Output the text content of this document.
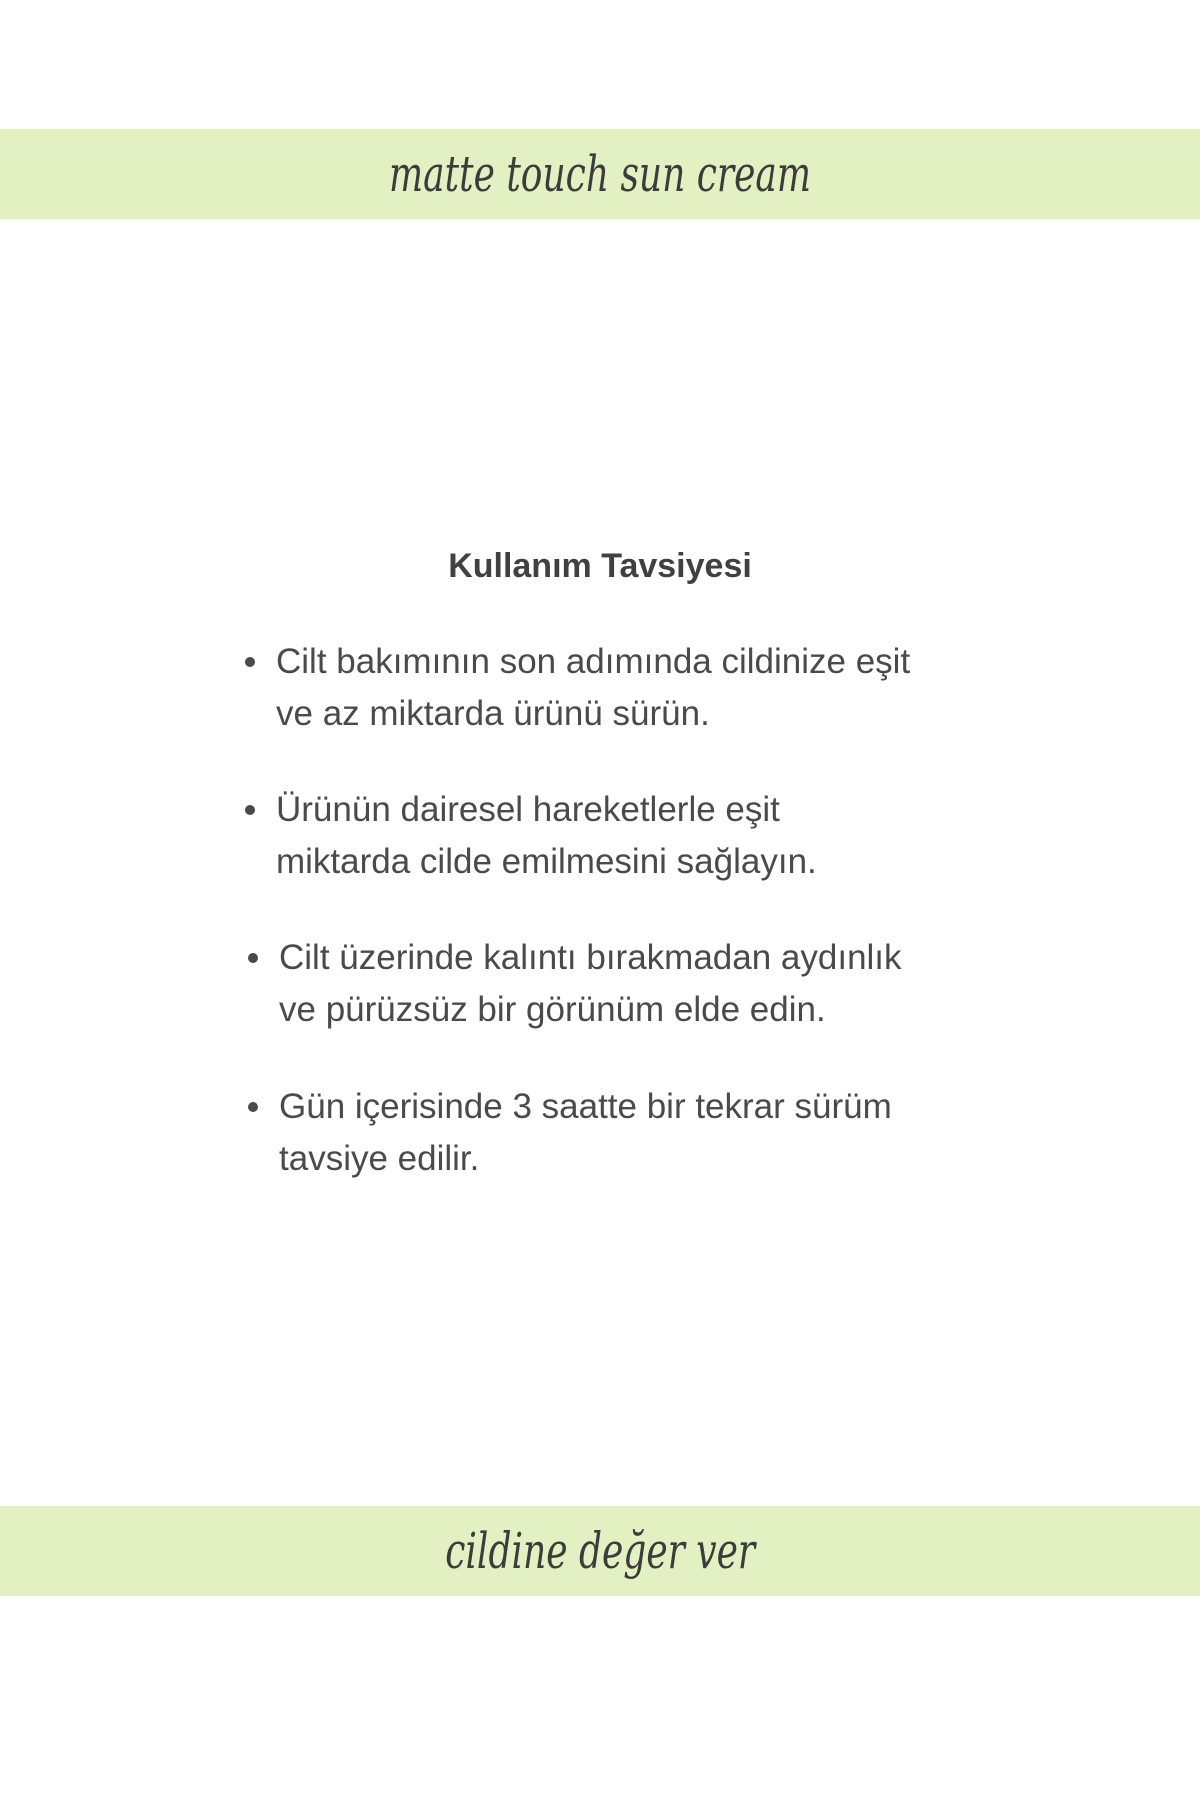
matte touch sun cream
Kullanım Tavsiyesi
Cilt bakımının son adımında cildinize eşit
ve az miktarda ürünü sürün.
Ürünün dairesel hareketlerle eşit
miktarda cilde emilmesini sağlayın.
Cilt üzerinde kalıntı bırakmadan aydınlık
ve pürüzsüz bir görünüm elde edin.
Gün içerisinde 3 saatte bir tekrar sürüm
tavsiye edilir.
cildine değer ver
